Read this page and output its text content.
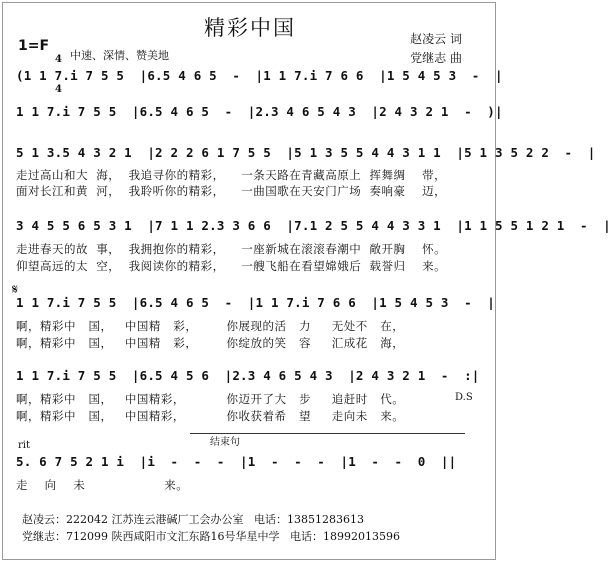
精彩中国	赵凌云 词
党继志 曲
1=F

4

4

中速、深情、赞美地
(1 1 7.i 7 5 5  |6.5 4 6 5  -  |1 1 7.i 7 6 6  |1 5 4 5 3  -  |
1 1 7.i 7 5 5  |6.5 4 6 5  -  |2.3 4 6 5 4 3  |2 4 3 2 1  -  )|
5 1 3.5 4 3 2 1  |2 2 2 6 1 7 5 5  |5 1 3 5 5 4 4 3 1 1  |5 1 3 5 2 2  -  |
走过高山和大  海，  我追寻你的精彩，    一条天路在青藏高原上  挥舞绸    带，
面对长江和黄  河，  我聆听你的精彩，    一曲国歌在天安门广场  奏响豪    迈，
3 4 5 5 6 5 3 1  |7 1 1 2.3 3 6 6  |7.1 2 5 5 4 4 3 3 1  |1 1 5 5 1 2 1  -  |
走进春天的故  事，  我拥抱你的精彩，    一座新城在滚滚春潮中  敞开胸    怀。
仰望高远的太  空，  我阅读你的精彩，    一艘飞船在看望嫦娥后  载誉归    来。
𝄋
1 1 7.i 7 5 5  |6.5 4 6 5  -  |1 1 7.i 7 6 6  |1 5 4 5 3  -  |
啊，精彩中   国，   中国精   彩，       你展现的活   力     无处不   在，
啊，精彩中   国，   中国精   彩，       你绽放的笑   容     汇成花   海，
1 1 7.i 7 5 5  |6.5 4 5 6  |2.3 4 6 5 4 3  |2 4 3 2 1  -  :|
啊，精彩中   国，   中国精彩，          你迈开了大   步     追赶时   代。	D.S
啊，精彩中   国，   中国精彩，          你收获着希   望     走向未   来。
结束句
rit
5. 6 7 5 2 1 i  |i  -  -  -  |1  -  -  -  |1  -  -  0  ||
走    向    未                   来。
赵凌云：222042 江苏连云港碱厂工会办公室   电话：13851283613
党继志：712099 陕西咸阳市文汇东路16号华星中学   电话：18992013596
